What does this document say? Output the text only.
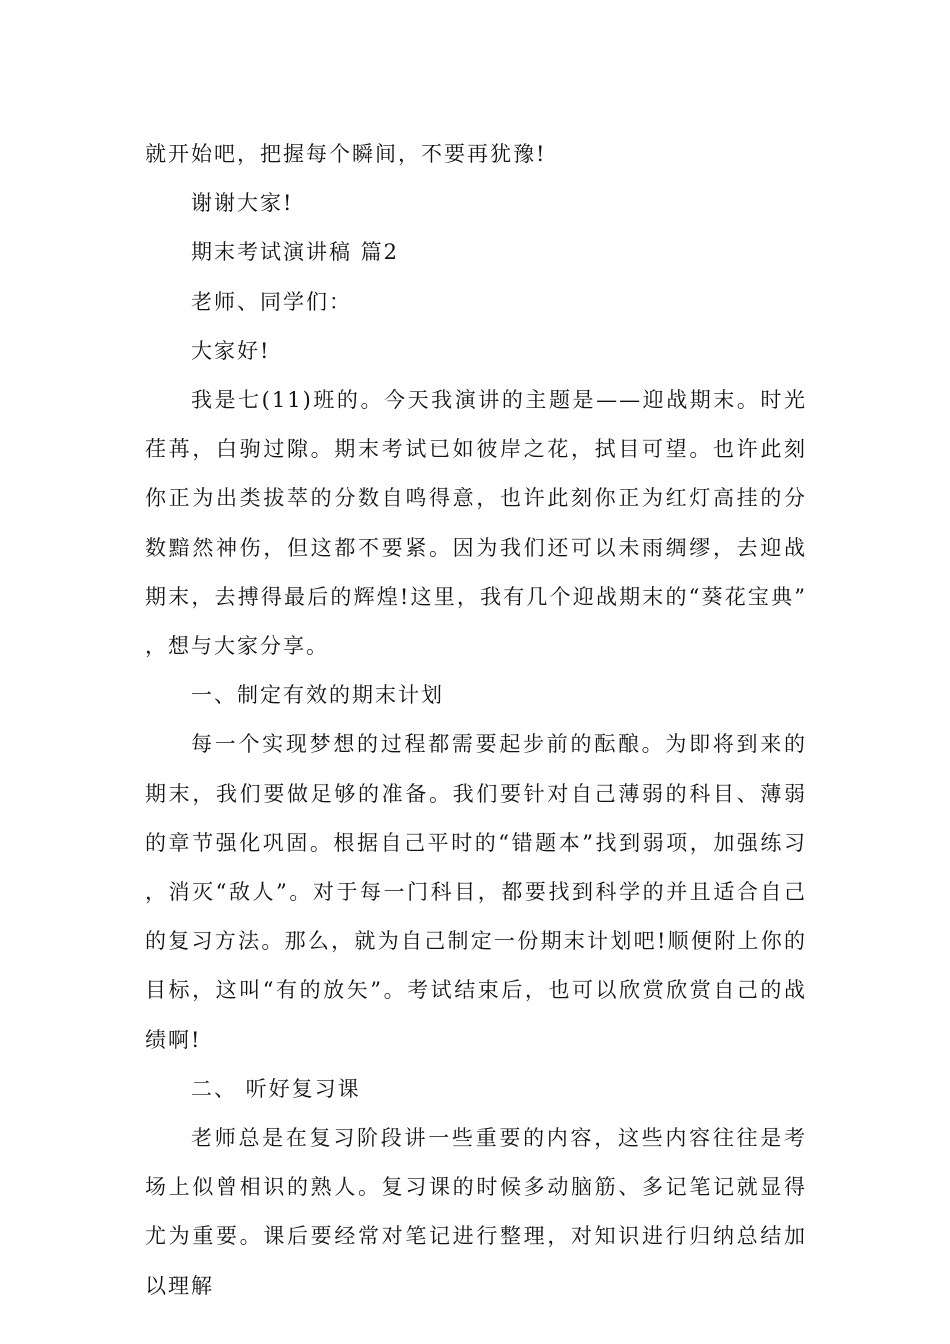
就开始吧，把握每个瞬间，不要再犹豫!

谢谢大家!

期末考试演讲稿 篇2

老师、同学们：

大家好!

我是七(11)班的。今天我演讲的主题是——迎战期末。时光荏苒，白驹过隙。期末考试已如彼岸之花，拭目可望。也许此刻你正为出类拔萃的分数自鸣得意，也许此刻你正为红灯高挂的分数黯然神伤，但这都不要紧。因为我们还可以未雨绸缪，去迎战期末，去搏得最后的辉煌!这里，我有几个迎战期末的“葵花宝典”，想与大家分享。

一、制定有效的期末计划

每一个实现梦想的过程都需要起步前的酝酿。为即将到来的期末，我们要做足够的准备。我们要针对自己薄弱的科目、薄弱的章节强化巩固。根据自己平时的“错题本”找到弱项，加强练习，消灭“敌人”。对于每一门科目，都要找到科学的并且适合自己的复习方法。那么，就为自己制定一份期末计划吧!顺便附上你的目标，这叫“有的放矢”。考试结束后，也可以欣赏欣赏自己的战绩啊!

二、 听好复习课

老师总是在复习阶段讲一些重要的内容，这些内容往往是考场上似曾相识的熟人。复习课的时候多动脑筋、多记笔记就显得尤为重要。课后要经常对笔记进行整理，对知识进行归纳总结加以理解
